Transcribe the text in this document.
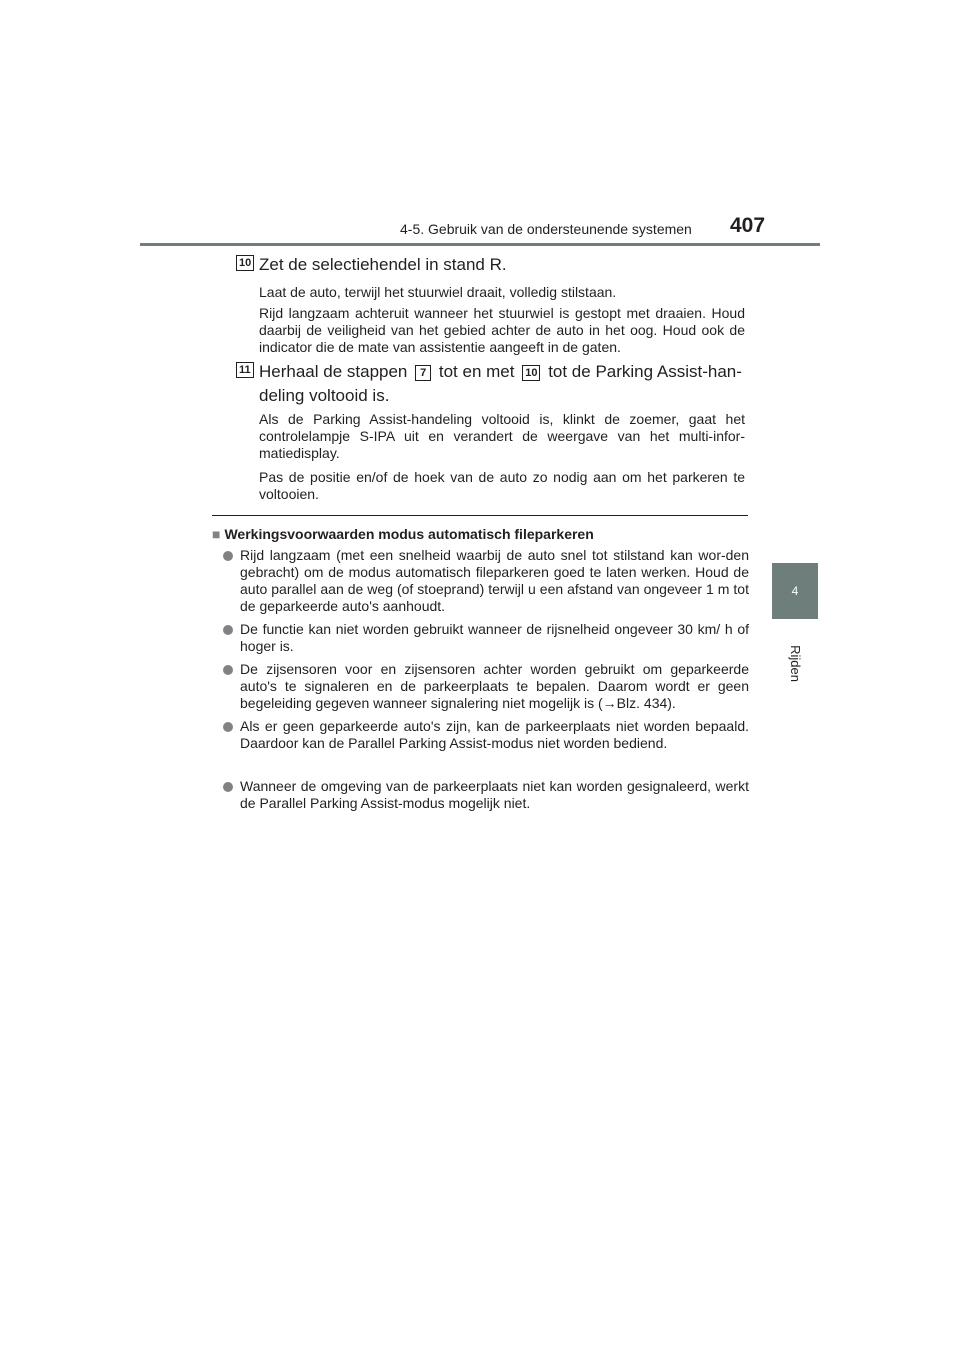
4-5. Gebruik van de ondersteunende systemen	407
4
Rijden
10 Zet de selectiehendel in stand R.
Laat de auto, terwijl het stuurwiel draait, volledig stilstaan.
Rijd langzaam achteruit wanneer het stuurwiel is gestopt met draaien. Houd daarbij de veiligheid van het gebied achter de auto in het oog. Houd ook de indicator die de mate van assistentie aangeeft in de gaten.
11 Herhaal de stappen 7 tot en met 10 tot de Parking Assist-han-deling voltooid is.
Als de Parking Assist-handeling voltooid is, klinkt de zoemer, gaat het controlelampje S-IPA uit en verandert de weergave van het multi-infor-matiedisplay.
Pas de positie en/of de hoek van de auto zo nodig aan om het parkeren te voltooien.
■ Werkingsvoorwaarden modus automatisch fileparkeren
Rijd langzaam (met een snelheid waarbij de auto snel tot stilstand kan wor-den gebracht) om de modus automatisch fileparkeren goed te laten werken. Houd de auto parallel aan de weg (of stoeprand) terwijl u een afstand van ongeveer 1 m tot de geparkeerde auto's aanhoudt.
De functie kan niet worden gebruikt wanneer de rijsnelheid ongeveer 30 km/ h of hoger is.
De zijsensoren voor en zijsensoren achter worden gebruikt om geparkeerde auto's te signaleren en de parkeerplaats te bepalen. Daarom wordt er geen begeleiding gegeven wanneer signalering niet mogelijk is (→Blz. 434).
Als er geen geparkeerde auto's zijn, kan de parkeerplaats niet worden bepaald. Daardoor kan de Parallel Parking Assist-modus niet worden bediend.
Wanneer de omgeving van de parkeerplaats niet kan worden gesignaleerd, werkt de Parallel Parking Assist-modus mogelijk niet.
